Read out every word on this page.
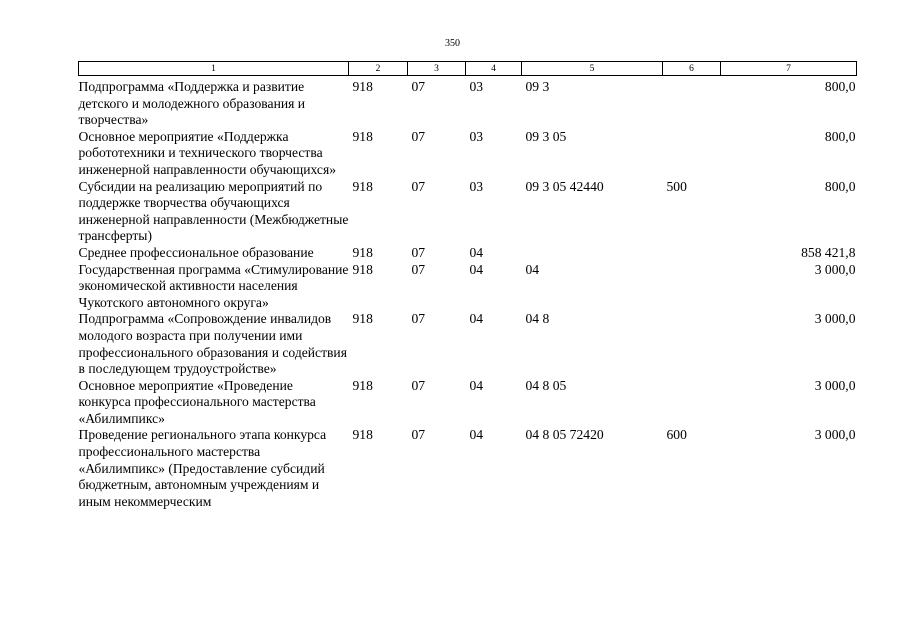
350
1	2	3	4	5	6	7
Подпрограмма «Поддержка и развитие детского и молодежного образования и творчества»	918	07	03	09 3		800,0
Основное мероприятие «Поддержка робототехники и технического творчества инженерной направленности обучающихся»	918	07	03	09 3 05		800,0
Субсидии на реализацию мероприятий по поддержке творчества обучающихся инженерной направленности (Межбюджетные трансферты)	918	07	03	09 3 05 42440	500	800,0
Среднее профессиональное образование	918	07	04			858 421,8
Государственная программа «Стимулирование экономической активности населения Чукотского автономного округа»	918	07	04	04		3 000,0
Подпрограмма «Сопровождение инвалидов молодого возраста при получении ими профессионального образования и содействия в последующем трудоустройстве»	918	07	04	04 8		3 000,0
Основное мероприятие «Проведение конкурса профессионального мастерства «Абилимпикс»	918	07	04	04 8 05		3 000,0
Проведение регионального этапа конкурса профессионального мастерства «Абилимпикс» (Предоставление субсидий бюджетным, автономным учреждениям и иным некоммерческим	918	07	04	04 8 05 72420	600	3 000,0
